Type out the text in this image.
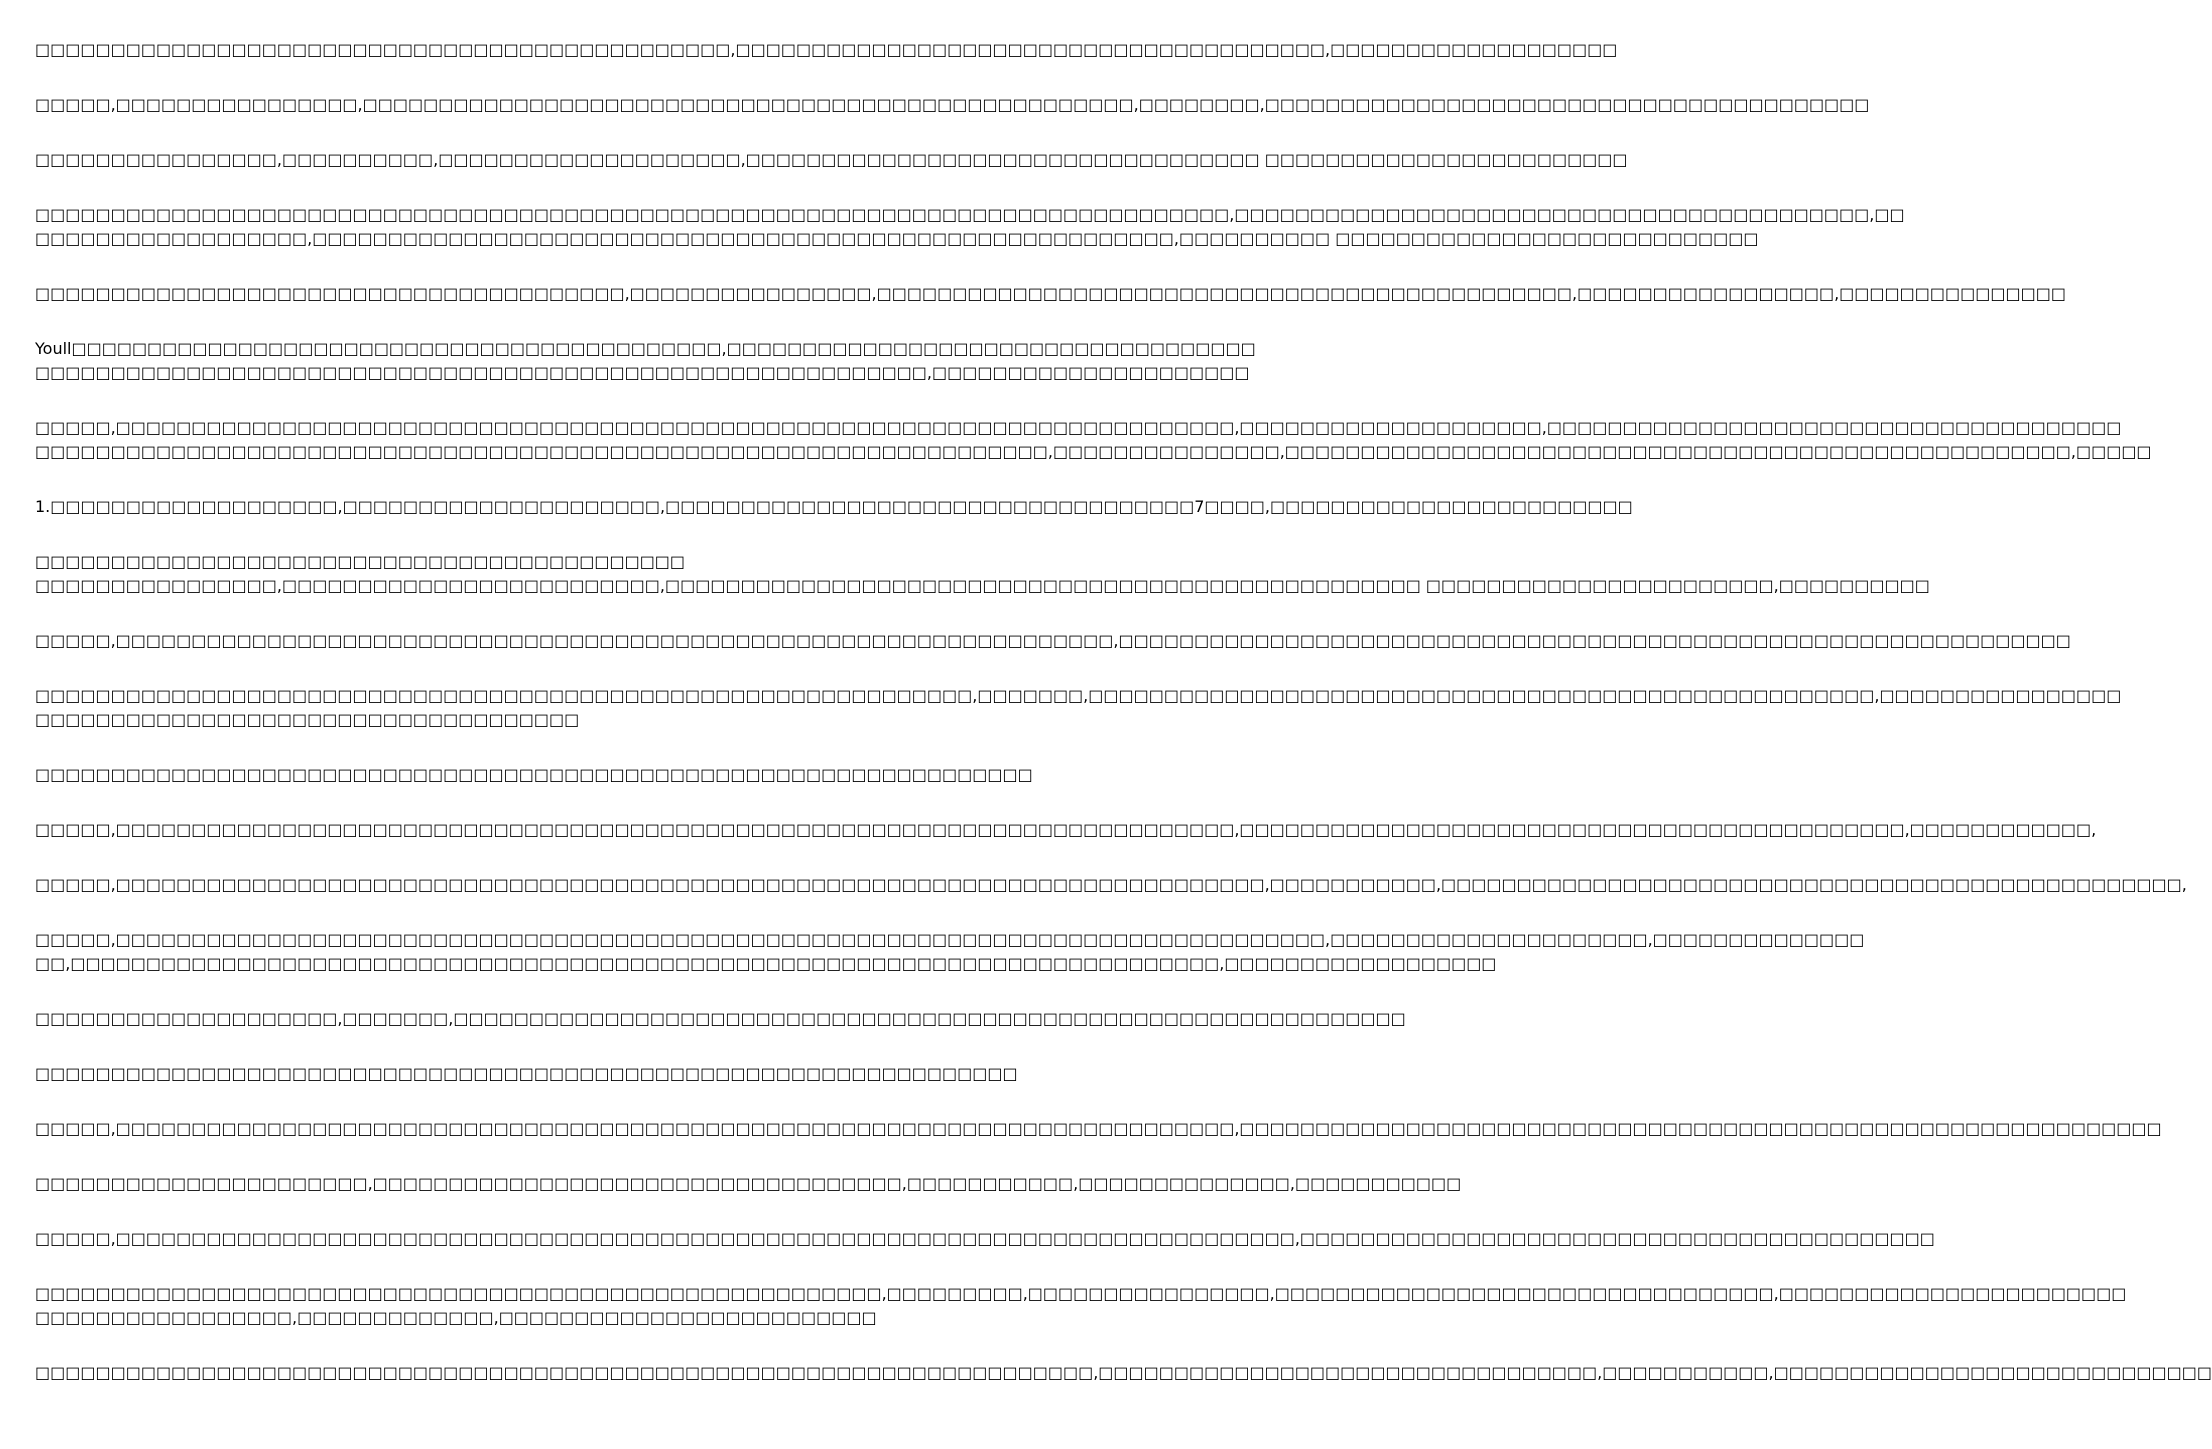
□□□□□□□□□□□□□□□□□□□□□□□□□□□□□□□□□□□□□□□□□□□□□□,□□□□□□□□□□□□□□□□□□□□□□□□□□□□□□□□□□□□□□□,□□□□□□□□□□□□□□□□□□□
□□□□□,□□□□□□□□□□□□□□□□,□□□□□□□□□□□□□□□□□□□□□□□□□□□□□□□□□□□□□□□□□□□□□□□□□□□,□□□□□□□□,□□□□□□□□□□□□□□□□□□□□□□□□□□□□□□□□□□□□□□□□
□□□□□□□□□□□□□□□□,□□□□□□□□□□,□□□□□□□□□□□□□□□□□□□□,□□□□□□□□□□□□□□□□□□□□□□□□□□□□□□□□□□ □□□□□□□□□□□□□□□□□□□□□□□□
□□□□□□□□□□□□□□□□□□□□□□□□□□□□□□□□□□□□□□□□□□□□□□□□□□□□□□□□□□□□□□□□□□□□□□□□□□□□□□□,□□□□□□□□□□□□□□□□□□□□□□□□□□□□□□□□□□□□□□□□□□,□□
□□□□□□□□□□□□□□□□□□,□□□□□□□□□□□□□□□□□□□□□□□□□□□□□□□□□□□□□□□□□□□□□□□□□□□□□□□□□,□□□□□□□□□□ □□□□□□□□□□□□□□□□□□□□□□□□□□□□
□□□□□□□□□□□□□□□□□□□□□□□□□□□□□□□□□□□□□□□,□□□□□□□□□□□□□□□□,□□□□□□□□□□□□□□□□□□□□□□□□□□□□□□□□□□□□□□□□□□□□□□,□□□□□□□□□□□□□□□□□,□□□□□□□□□□□□□□□
Youll□□□□□□□□□□□□□□□□□□□□□□□□□□□□□□□□□□□□□□□□□□□,□□□□□□□□□□□□□□□□□□□□□□□□□□□□□□□□□□□
□□□□□□□□□□□□□□□□□□□□□□□□□□□□□□□□□□□□□□□□□□□□□□□□□□□□□□□□□□□,□□□□□□□□□□□□□□□□□□□□□
□□□□□,□□□□□□□□□□□□□□□□□□□□□□□□□□□□□□□□□□□□□□□□□□□□□□□□□□□□□□□□□□□□□□□□□□□□□□□□□□,□□□□□□□□□□□□□□□□□□□□,□□□□□□□□□□□□□□□□□□□□□□□□□□□□□□□□□□□□□□
□□□□□□□□□□□□□□□□□□□□□□□□□□□□□□□□□□□□□□□□□□□□□□□□□□□□□□□□□□□□□□□□□□□,□□□□□□□□□□□□□□□,□□□□□□□□□□□□□□□□□□□□□□□□□□□□□□□□□□□□□□□□□□□□□□□□□□□□,□□□□□
1.□□□□□□□□□□□□□□□□□□□,□□□□□□□□□□□□□□□□□□□□□,□□□□□□□□□□□□□□□□□□□□□□□□□□□□□□□□□□□7□□□□,□□□□□□□□□□□□□□□□□□□□□□□□
□□□□□□□□□□□□□□□□□□□□□□□□□□□□□□□□□□□□□□□□□□□
□□□□□□□□□□□□□□□□,□□□□□□□□□□□□□□□□□□□□□□□□□,□□□□□□□□□□□□□□□□□□□□□□□□□□□□□□□□□□□□□□□□□□□□□□□□□□ □□□□□□□□□□□□□□□□□□□□□□□,□□□□□□□□□□
□□□□□,□□□□□□□□□□□□□□□□□□□□□□□□□□□□□□□□□□□□□□□□□□□□□□□□□□□□□□□□□□□□□□□□□□,□□□□□□□□□□□□□□□□□□□□□□□□□□□□□□□□□□□□□□□□□□□□□□□□□□□□□□□□□□□□□□□
□□□□□□□□□□□□□□□□□□□□□□□□□□□□□□□□□□□□□□□□□□□□□□□□□□□□□□□□□□□□□□,□□□□□□□,□□□□□□□□□□□□□□□□□□□□□□□□□□□□□□□□□□□□□□□□□□□□□□□□□□□□,□□□□□□□□□□□□□□□□
□□□□□□□□□□□□□□□□□□□□□□□□□□□□□□□□□□□□
□□□□□□□□□□□□□□□□□□□□□□□□□□□□□□□□□□□□□□□□□□□□□□□□□□□□□□□□□□□□□□□□□□
□□□□□,□□□□□□□□□□□□□□□□□□□□□□□□□□□□□□□□□□□□□□□□□□□□□□□□□□□□□□□□□□□□□□□□□□□□□□□□□□,□□□□□□□□□□□□□□□□□□□□□□□□□□□□□□□□□□□□□□□□□□□□,□□□□□□□□□□□□,
□□□□□,□□□□□□□□□□□□□□□□□□□□□□□□□□□□□□□□□□□□□□□□□□□□□□□□□□□□□□□□□□□□□□□□□□□□□□□□□□□□,□□□□□□□□□□□,□□□□□□□□□□□□□□□□□□□□□□□□□□□□□□□□□□□□□□□□□□□□□□□□□,
□□□□□,□□□□□□□□□□□□□□□□□□□□□□□□□□□□□□□□□□□□□□□□□□□□□□□□□□□□□□□□□□□□□□□□□□□□□□□□□□□□□□□□,□□□□□□□□□□□□□□□□□□□□□,□□□□□□□□□□□□□□
□□,□□□□□□□□□□□□□□□□□□□□□□□□□□□□□□□□□□□□□□□□□□□□□□□□□□□□□□□□□□□□□□□□□□□□□□□□□□□□,□□□□□□□□□□□□□□□□□□
□□□□□□□□□□□□□□□□□□□□,□□□□□□□,□□□□□□□□□□□□□□□□□□□□□□□□□□□□□□□□□□□□□□□□□□□□□□□□□□□□□□□□□□□□□□□
□□□□□□□□□□□□□□□□□□□□□□□□□□□□□□□□□□□□□□□□□□□□□□□□□□□□□□□□□□□□□□□□□
□□□□□,□□□□□□□□□□□□□□□□□□□□□□□□□□□□□□□□□□□□□□□□□□□□□□□□□□□□□□□□□□□□□□□□□□□□□□□□□□,□□□□□□□□□□□□□□□□□□□□□□□□□□□□□□□□□□□□□□□□□□□□□□□□□□□□□□□□□□□□□
□□□□□□□□□□□□□□□□□□□□□□,□□□□□□□□□□□□□□□□□□□□□□□□□□□□□□□□□□□,□□□□□□□□□□□,□□□□□□□□□□□□□□,□□□□□□□□□□□
□□□□□,□□□□□□□□□□□□□□□□□□□□□□□□□□□□□□□□□□□□□□□□□□□□□□□□□□□□□□□□□□□□□□□□□□□□□□□□□□□□□□,□□□□□□□□□□□□□□□□□□□□□□□□□□□□□□□□□□□□□□□□□□
□□□□□□□□□□□□□□□□□□□□□□□□□□□□□□□□□□□□□□□□□□□□□□□□□□□□□□□□,□□□□□□□□□,□□□□□□□□□□□□□□□□,□□□□□□□□□□□□□□□□□□□□□□□□□□□□□□□□□,□□□□□□□□□□□□□□□□□□□□□□□
□□□□□□□□□□□□□□□□□,□□□□□□□□□□□□□,□□□□□□□□□□□□□□□□□□□□□□□□□
□□□□□□□□□□□□□□□□□□□□□□□□□□□□□□□□□□□□□□□□□□□□□□□□□□□□□□□□□□□□□□□□□□□□□□,□□□□□□□□□□□□□□□□□□□□□□□□□□□□□□□□□,□□□□□□□□□□□,□□□□□□□□□□□□□□□□□□□□□□□□□□□□□
